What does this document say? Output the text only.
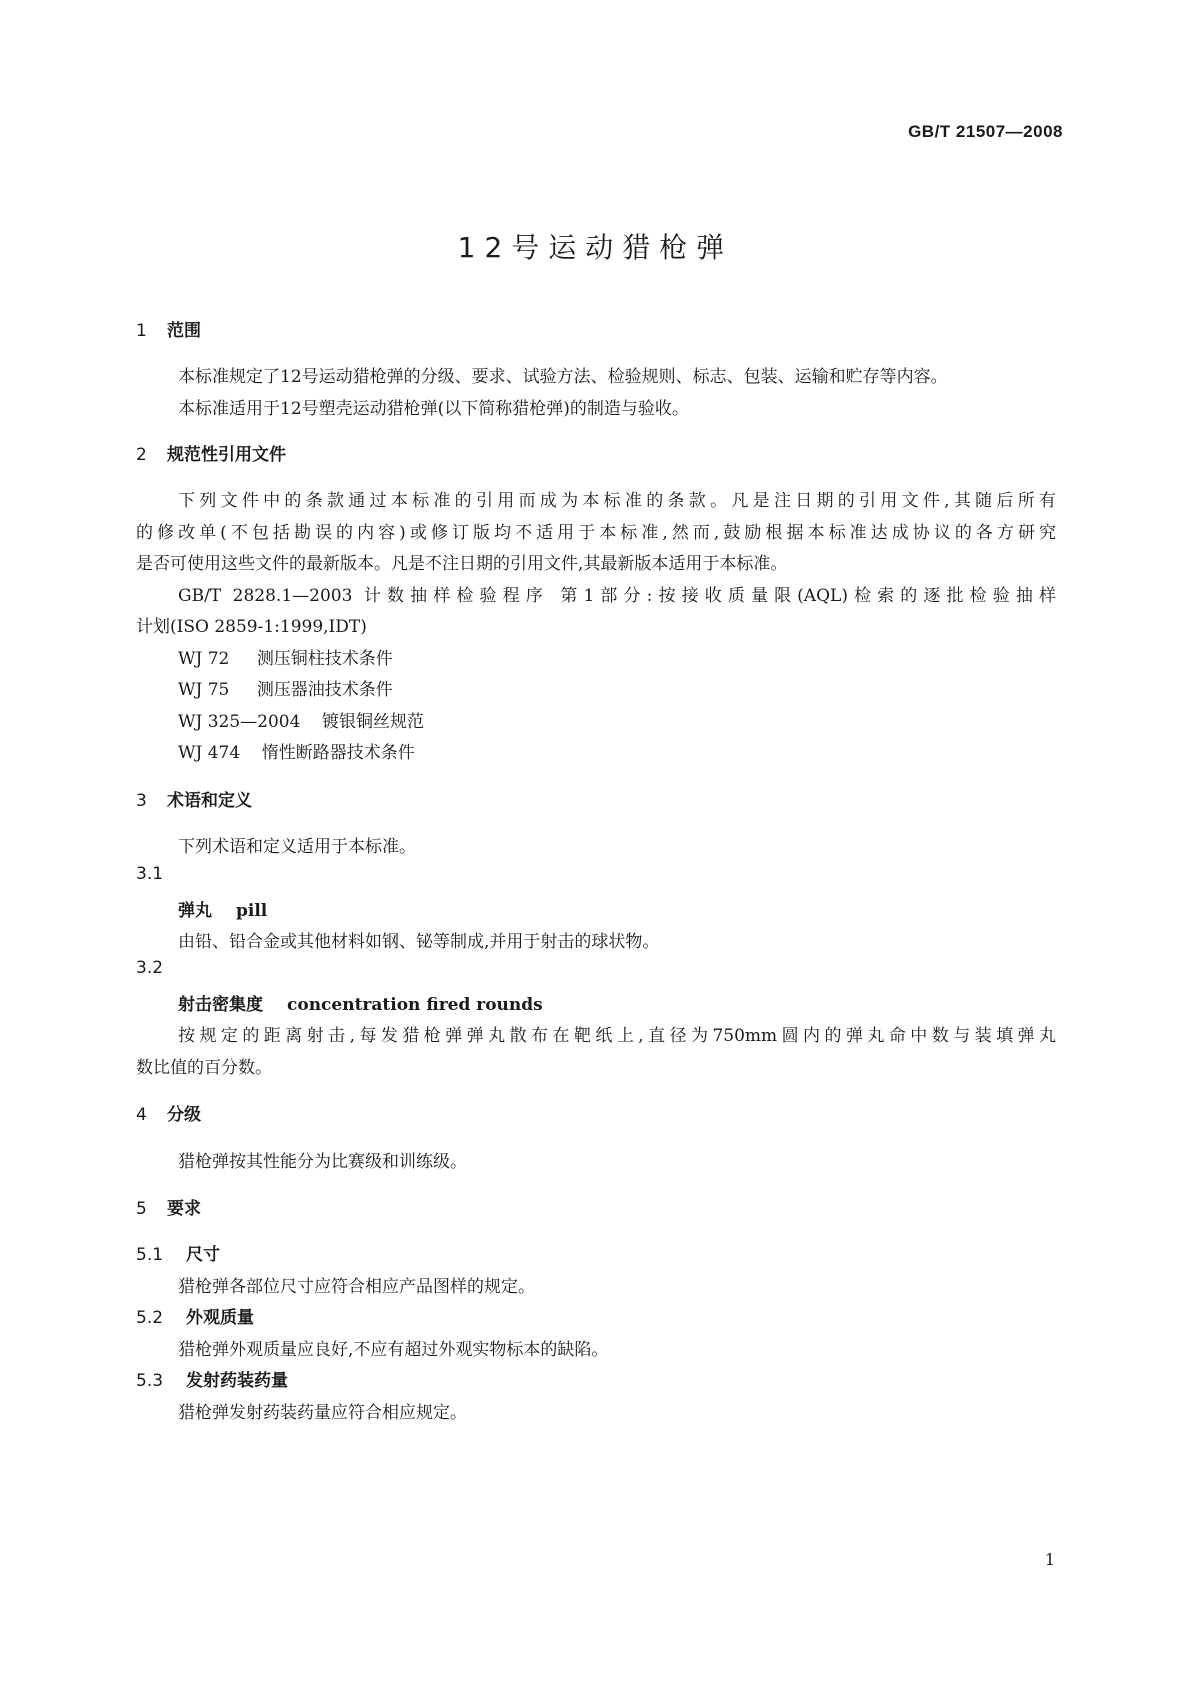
GB/T 21507—2008
12号运动猎枪弹
1 范围
本标准规定了12号运动猎枪弹的分级、要求、试验方法、检验规则、标志、包装、运输和贮存等内容。
本标准适用于12号塑壳运动猎枪弹(以下简称猎枪弹)的制造与验收。
2 规范性引用文件
下列文件中的条款通过本标准的引用而成为本标准的条款。凡是注日期的引用文件,其随后所有
的修改单(不包括勘误的内容)或修订版均不适用于本标准,然而,鼓励根据本标准达成协议的各方研究
是否可使用这些文件的最新版本。凡是不注日期的引用文件,其最新版本适用于本标准。
GB/T 2828.1—2003 计数抽样检验程序 第1部分:按接收质量限(AQL)检索的逐批检验抽样
计划(ISO 2859-1:1999,IDT)
WJ 72 测压铜柱技术条件
WJ 75 测压器油技术条件
WJ 325—2004 镀银铜丝规范
WJ 474 惰性断路器技术条件
3 术语和定义
下列术语和定义适用于本标准。
3.1
弹丸 pill
由铅、铅合金或其他材料如钢、铋等制成,并用于射击的球状物。
3.2
射击密集度 concentration fired rounds
按规定的距离射击,每发猎枪弹弹丸散布在靶纸上,直径为750mm圆内的弹丸命中数与装填弹丸
数比值的百分数。
4 分级
猎枪弹按其性能分为比赛级和训练级。
5 要求
5.1 尺寸
猎枪弹各部位尺寸应符合相应产品图样的规定。
5.2 外观质量
猎枪弹外观质量应良好,不应有超过外观实物标本的缺陷。
5.3 发射药装药量
猎枪弹发射药装药量应符合相应规定。
1
